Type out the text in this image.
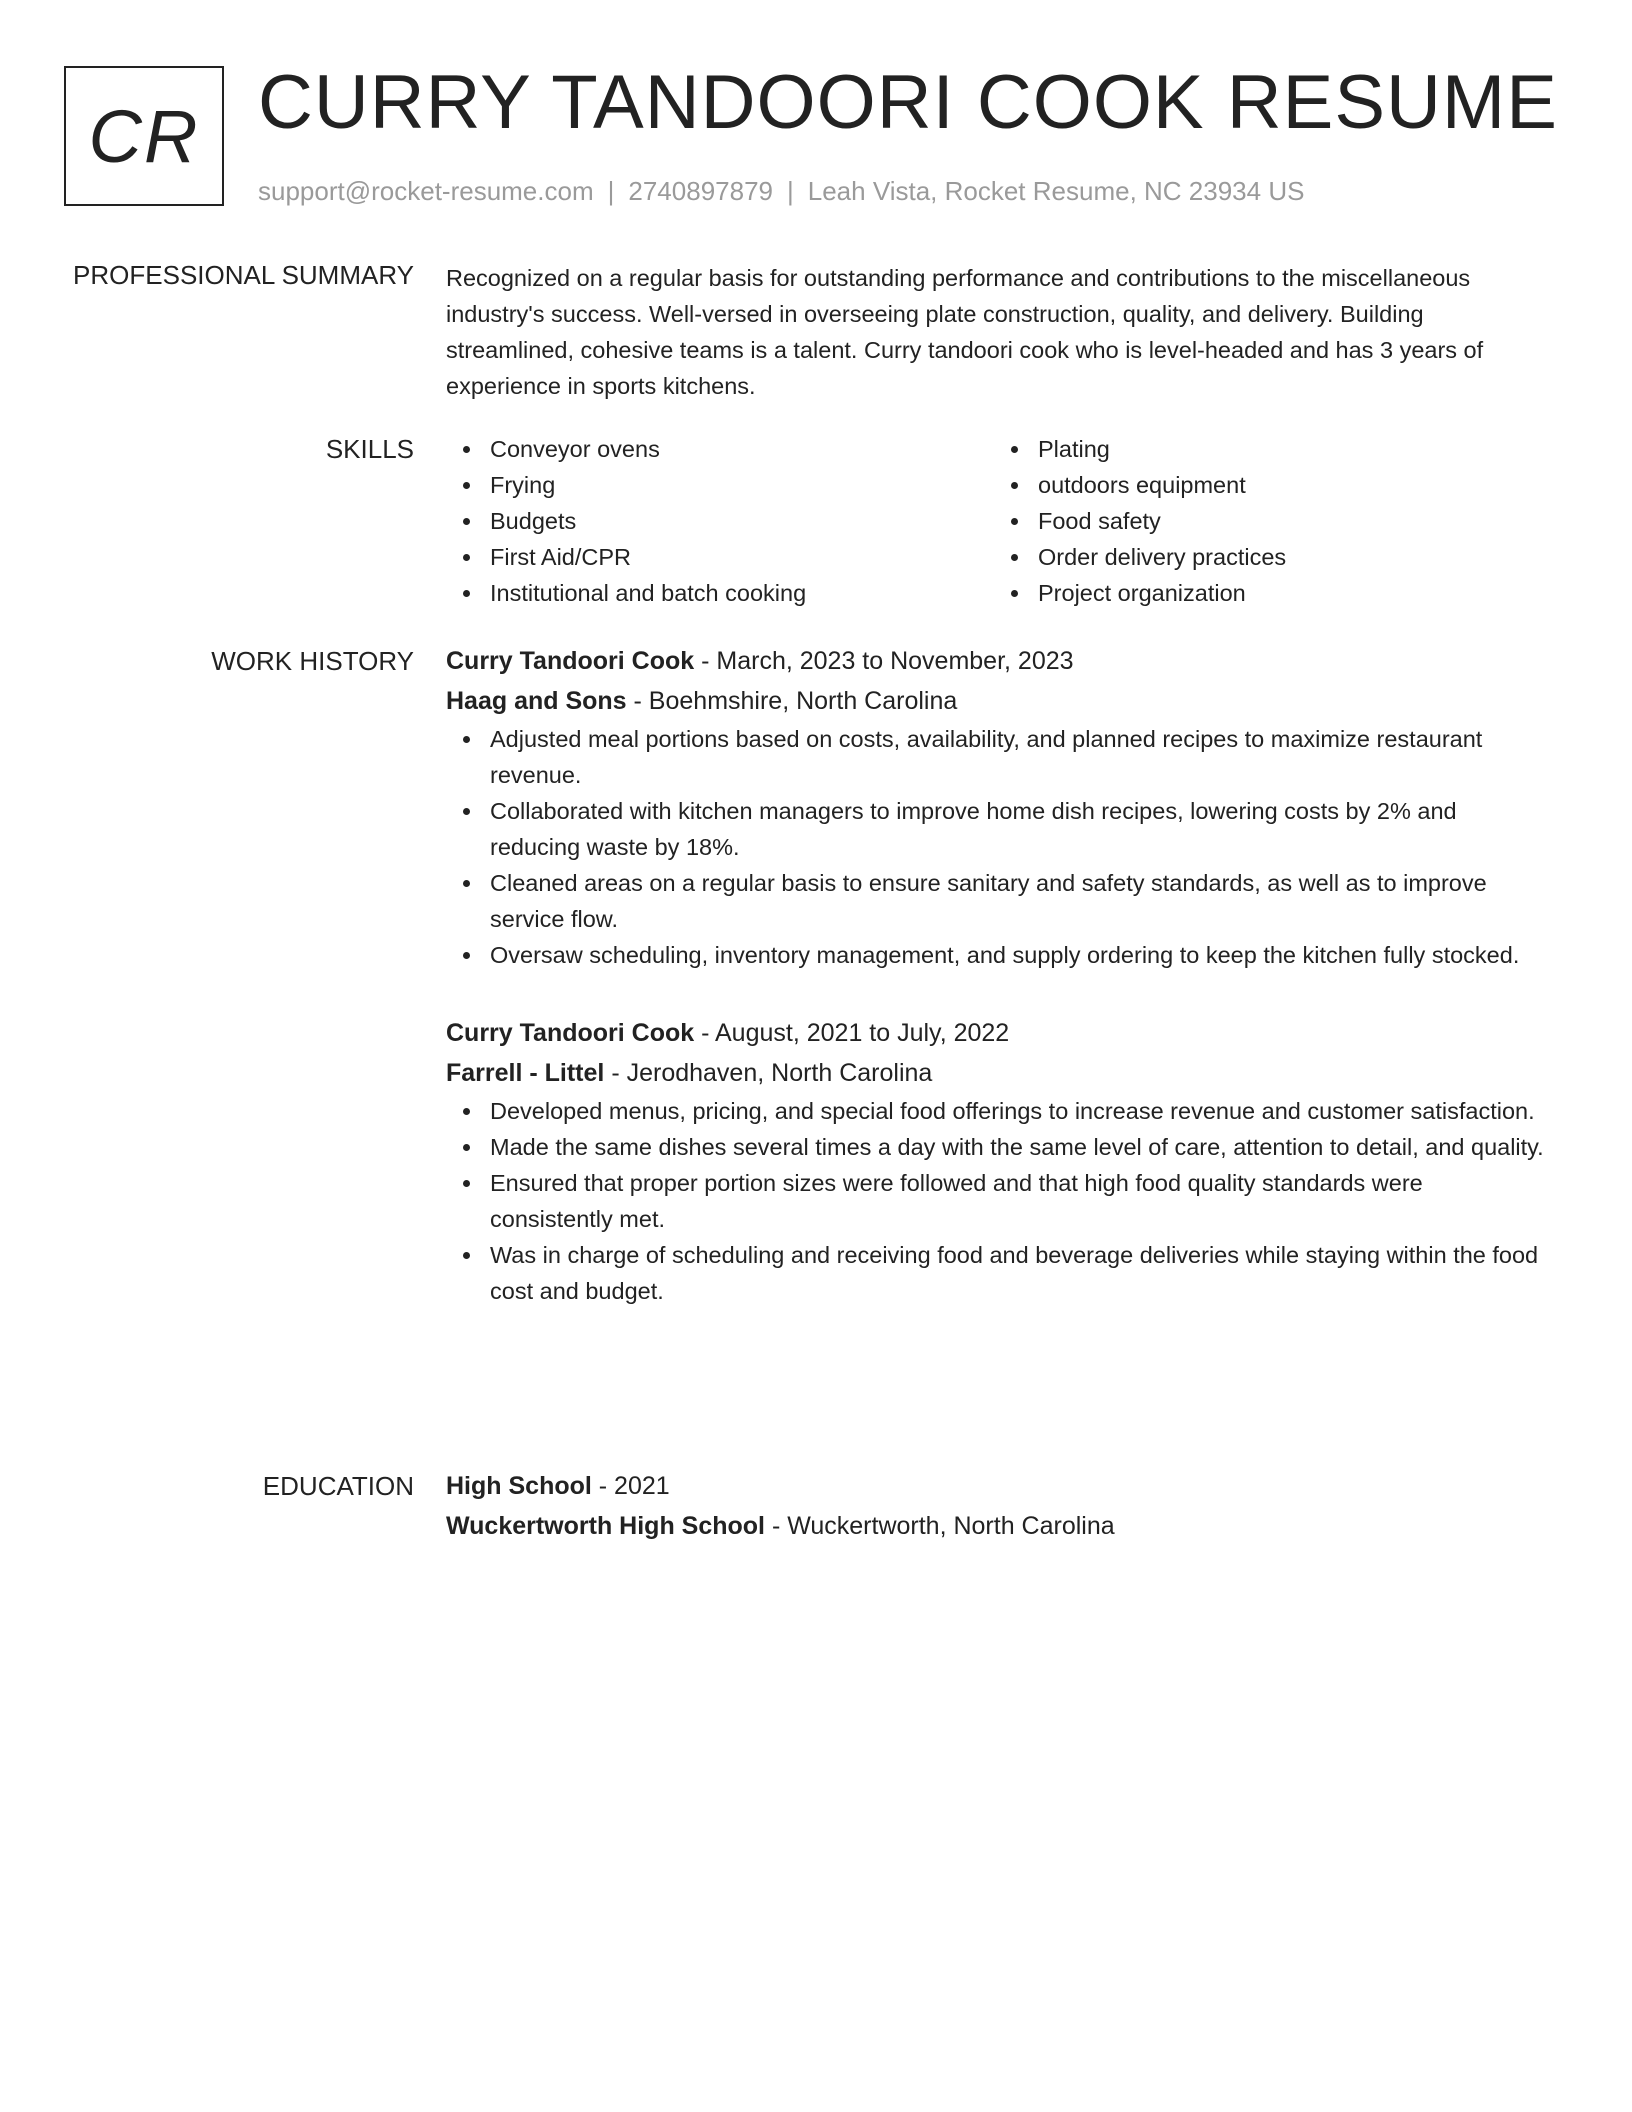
CR CURRY TANDOORI COOK RESUME
support@rocket-resume.com | 2740897879 | Leah Vista, Rocket Resume, NC 23934 US
PROFESSIONAL SUMMARY Recognized on a regular basis for outstanding performance and contributions to the miscellaneous industry's success. Well-versed in overseeing plate construction, quality, and delivery. Building streamlined, cohesive teams is a talent. Curry tandoori cook who is level-headed and has 3 years of experience in sports kitchens.

SKILLS	Conveyor ovens
Frying
Budgets
First Aid/CPR
Institutional and batch cooking
Plating
outdoors equipment
Food safety
Order delivery practices
Project organization
WORK HISTORY Curry Tandoori Cook - March, 2023 to November, 2023
Haag and Sons - Boehmshire, North Carolina
Adjusted meal portions based on costs, availability, and planned recipes to maximize restaurant revenue.
Collaborated with kitchen managers to improve home dish recipes, lowering costs by 2% and reducing waste by 18%.
Cleaned areas on a regular basis to ensure sanitary and safety standards, as well as to improve service flow.
Oversaw scheduling, inventory management, and supply ordering to keep the kitchen fully stocked.
Curry Tandoori Cook - August, 2021 to July, 2022
Farrell - Littel - Jerodhaven, North Carolina
Developed menus, pricing, and special food offerings to increase revenue and customer satisfaction.
Made the same dishes several times a day with the same level of care, attention to detail, and quality.
Ensured that proper portion sizes were followed and that high food quality standards were consistently met.
Was in charge of scheduling and receiving food and beverage deliveries while staying within the food cost and budget.
EDUCATION High School - 2021
Wuckertworth High School - Wuckertworth, North Carolina
